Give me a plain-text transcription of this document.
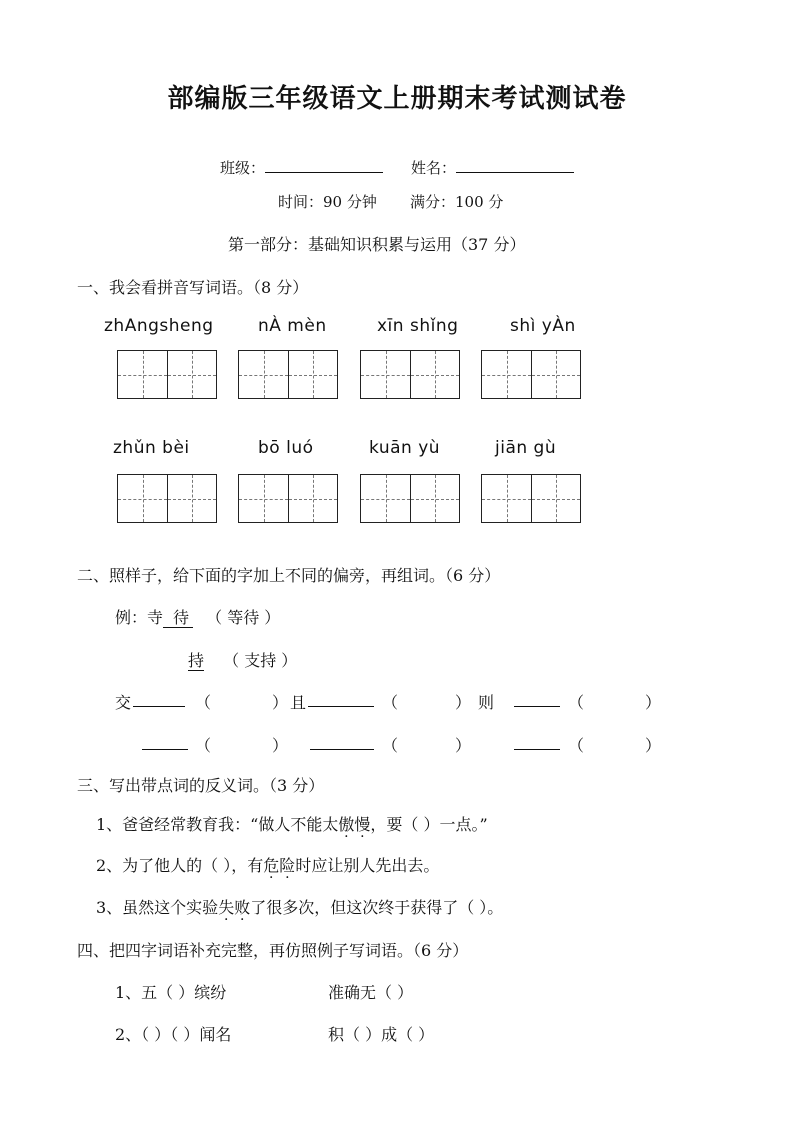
部编版三年级语文上册期末考试测试卷
班级：	姓名：
时间：90 分钟 满分：100 分
第一部分：基础知识积累与运用（37 分）
一、我会看拼音写词语。（8 分）
zhAngsheng	nÀ mèn	xīn shǐng	shì yÀn
zhǔn bèi	bō luó	kuān yù	jiān gù
二、照样子，给下面的字加上不同的偏旁，再组词。（6 分）
例：寺 待 （ 等待 ）
持 （ 支持 ）
交	（	） 且	（	） 则	（	）
（	）	（	）	（	）
三、写出带点词的反义词。（3 分）
1、爸爸经常教育我：“做人不能太傲慢，要（ ）一点。”
2、为了他人的（ ），有危险时应让别人先出去。
3、虽然这个实验失败了很多次，但这次终于获得了（ ）。
四、把四字词语补充完整，再仿照例子写词语。（6 分）
1、五（ ）缤纷	准确无（ ）
2、（ ）（ ）闻名	积（ ）成（ ）
